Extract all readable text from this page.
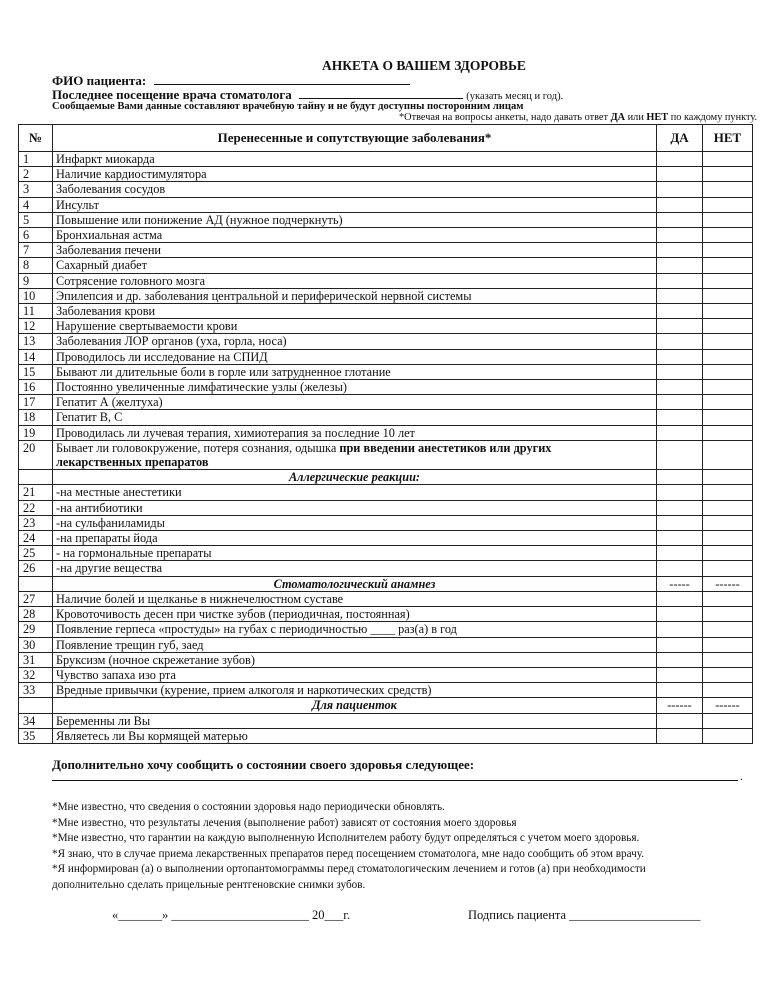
АНКЕТА О ВАШЕМ ЗДОРОВЬЕ
ФИО пациента:
Последнее посещение врача стоматолога	(указать месяц и год).
Сообщаемые Вами данные составляют врачебную тайну и не будут доступны посторонним лицам
*Отвечая на вопросы анкеты, надо давать ответ ДА или НЕТ по каждому пункту.
№	Перенесенные и сопутствующие заболевания*	ДА	НЕТ
1	Инфаркт миокарда		
2	Наличие кардиостимулятора		
3	Заболевания сосудов		
4	Инсульт		
5	Повышение или понижение АД (нужное подчеркнуть)		
6	Бронхиальная астма		
7	Заболевания печени		
8	Сахарный диабет		
9	Сотрясение головного мозга		
10	Эпилепсия и др. заболевания центральной и периферической нервной системы		
11	Заболевания крови		
12	Нарушение свертываемости крови		
13	Заболевания ЛОР органов (уха, горла, носа)		
14	Проводилось ли исследование на СПИД		
15	Бывают ли длительные боли в горле или затрудненное глотание		
16	Постоянно увеличенные лимфатические узлы (железы)		
17	Гепатит А (желтуха)		
18	Гепатит В, С		
19	Проводилась ли лучевая терапия, химиотерапия за последние 10 лет		
20	Бывает ли головокружение, потеря сознания, одышка при введении анестетиков или других
лекарственных препаратов		
	Аллергические реакции:		
21	-на местные анестетики		
22	-на антибиотики		
23	-на сульфаниламиды		
24	-на препараты йода		
25	- на гормональные препараты		
26	-на другие вещества		
	Стоматологический анамнез	-----	------
27	Наличие болей и щелканье в нижнечелюстном суставе		
28	Кровоточивость десен при чистке зубов (периодичная, постоянная)		
29	Появление герпеса «простуды» на губах с периодичностью ____ раз(а) в год		
30	Появление трещин губ, заед		
31	Бруксизм (ночное скрежетание зубов)		
32	Чувство запаха изо рта		
33	Вредные привычки (курение, прием алкоголя и наркотических средств)		
	Для пациенток	------	------
34	Беременны ли Вы		
35	Являетесь ли Вы кормящей матерью		
Дополнительно хочу сообщить о состоянии своего здоровья следующее:
.
*Мне известно, что сведения о состоянии здоровья надо периодически обновлять.
*Мне известно, что результаты лечения (выполнение работ) зависят от состояния моего здоровья
*Мне известно, что гарантии на каждую выполненную Исполнителем работу будут определяться с учетом моего здоровья.
*Я знаю, что в случае приема лекарственных препаратов перед посещением стоматолога, мне надо сообщить об этом врачу.
*Я информирован (а) о выполнении ортопантомограммы перед стоматологическим лечением и готов (а) при необходимости
дополнительно сделать прицельные рентгеновские снимки зубов.
«_______» ______________________ 20___г.	Подпись пациента _____________________
